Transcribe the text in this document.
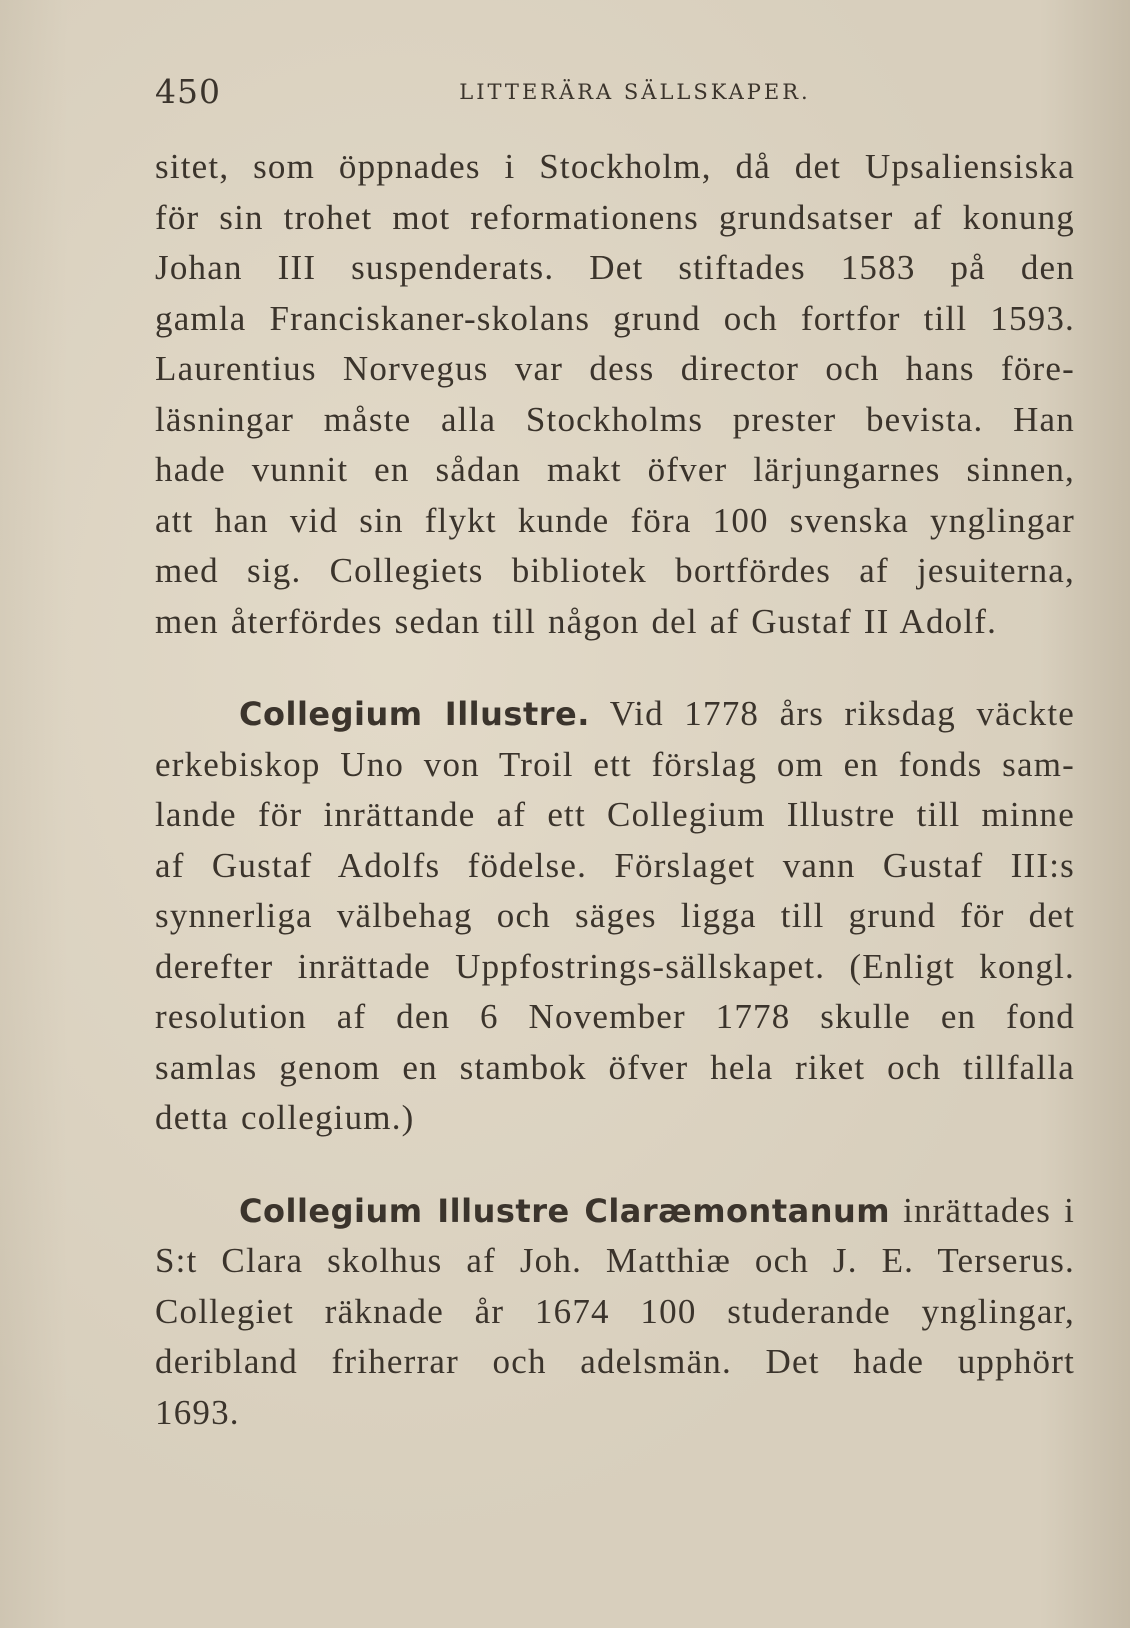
450	LITTERÄRA SÄLLSKAPER.
sitet, som öppnades i Stockholm, då det Upsaliensiska
för sin trohet mot reformationens grundsatser af konung
Johan III suspenderats. Det stiftades 1583 på den
gamla Franciskaner-skolans grund och fortfor till 1593.
Laurentius Norvegus var dess director och hans före-
läsningar måste alla Stockholms prester bevista. Han
hade vunnit en sådan makt öfver lärjungarnes sinnen,
att han vid sin flykt kunde föra 100 svenska ynglingar
med sig. Collegiets bibliotek bortfördes af jesuiterna,
men återfördes sedan till någon del af Gustaf II Adolf.
Collegium Illustre. Vid 1778 års riksdag väckte
erkebiskop Uno von Troil ett förslag om en fonds sam-
lande för inrättande af ett Collegium Illustre till minne
af Gustaf Adolfs födelse. Förslaget vann Gustaf III:s
synnerliga välbehag och säges ligga till grund för det
derefter inrättade Uppfostrings-sällskapet. (Enligt kongl.
resolution af den 6 November 1778 skulle en fond
samlas genom en stambok öfver hela riket och tillfalla
detta collegium.)
Collegium Illustre Claræmontanum inrättades i
S:t Clara skolhus af Joh. Matthiæ och J. E. Terserus.
Collegiet räknade år 1674 100 studerande ynglingar,
deribland friherrar och adelsmän. Det hade upphört
1693.
